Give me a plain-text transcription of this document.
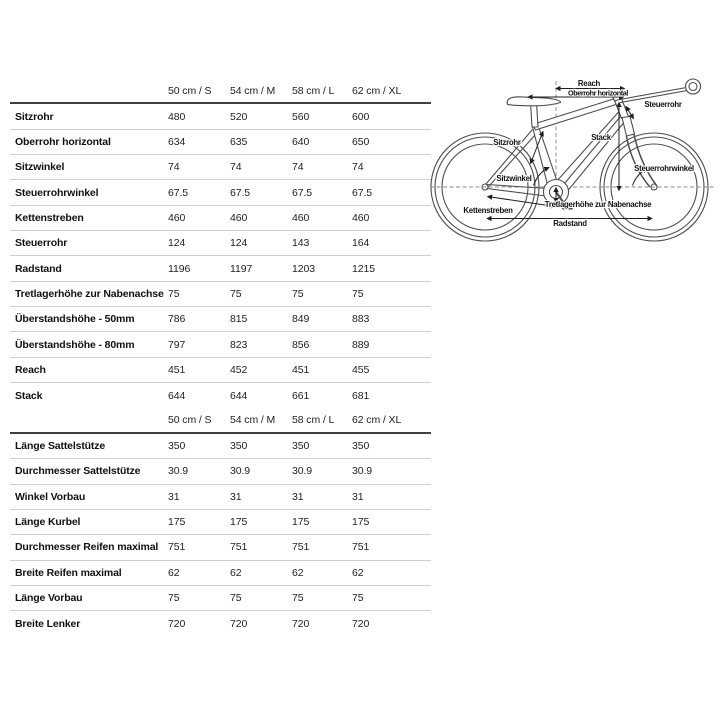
50 cm / S	54 cm / M	58 cm / L	62 cm / XL
Sitzrohr	480	520	560	600
Oberrohr horizontal	634	635	640	650
Sitzwinkel	74	74	74	74
Steuerrohrwinkel	67.5	67.5	67.5	67.5
Kettenstreben	460	460	460	460
Steuerrohr	124	124	143	164
Radstand	1196	1197	1203	1215
Tretlagerhöhe zur Nabenachse 75	75	75	75
Überstandshöhe - 50mm	786	815	849	883
Überstandshöhe - 80mm	797	823	856	889
Reach	451	452	451	455
Stack	644	644	661	681
50 cm / S	54 cm / M	58 cm / L	62 cm / XL
Länge Sattelstütze	350	350	350	350
Durchmesser Sattelstütze	30.9	30.9	30.9	30.9
Winkel Vorbau	31	31	31	31
Länge Kurbel	175	175	175	175
Durchmesser Reifen maximal 751	751	751	751
Breite Reifen maximal	62	62	62	62
Länge Vorbau	75	75	75	75
Breite Lenker	720	720	720	720
Reach
Oberrohr horizontal
Steuerrohr
Stack
Steuerrohrwinkel
Sitzrohr
Sitzwinkel
Kettenstreben
Tretlagerhöhe zur Nabenachse
Radstand
